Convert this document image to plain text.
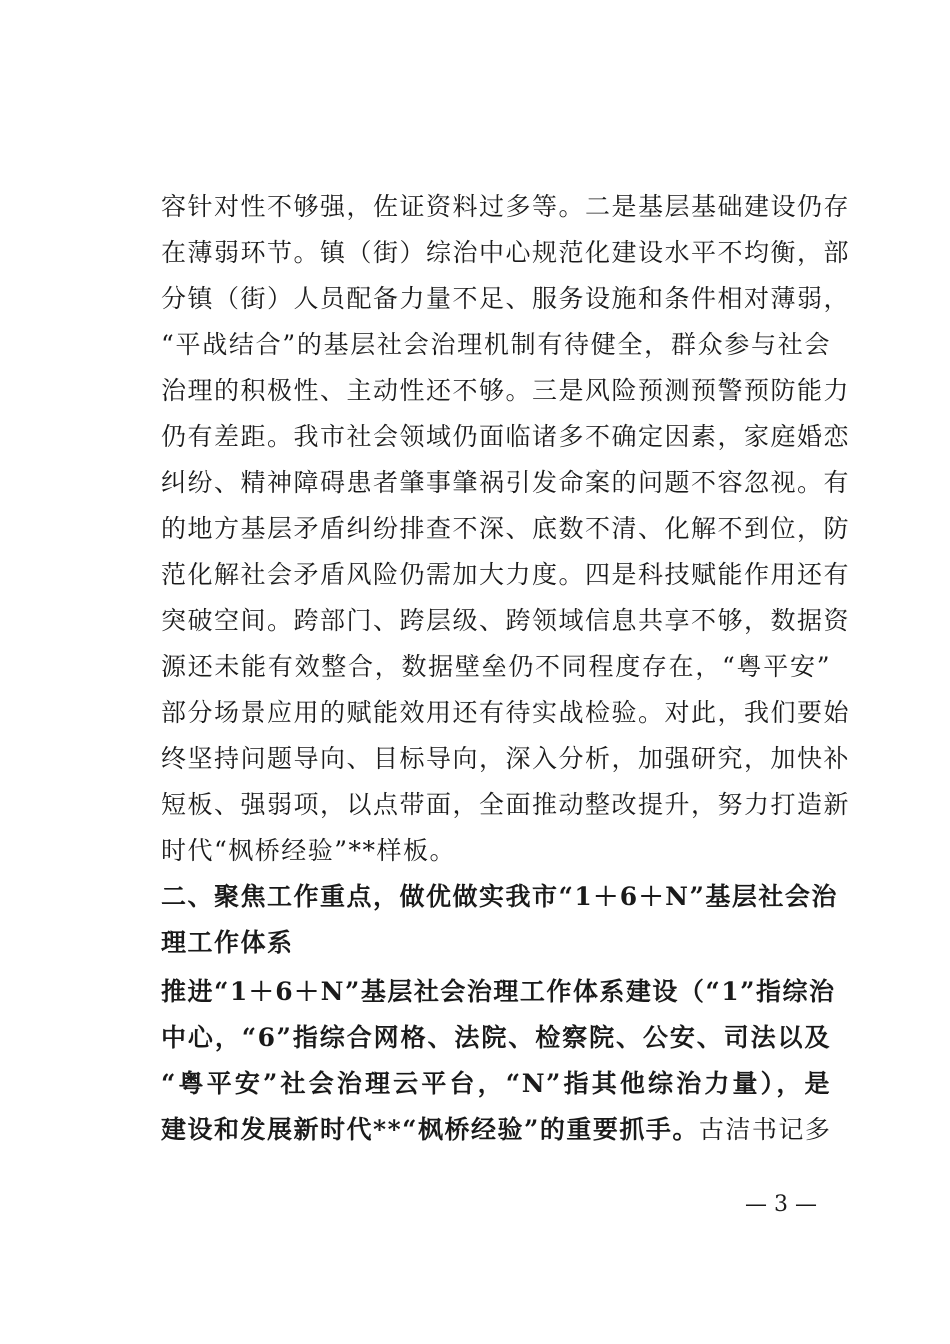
容针对性不够强，佐证资料过多等。二是基层基础建设仍存
在薄弱环节。镇（街）综治中心规范化建设水平不均衡，部
分镇（街）人员配备力量不足、服务设施和条件相对薄弱，
“平战结合”的基层社会治理机制有待健全，群众参与社会
治理的积极性、主动性还不够。三是风险预测预警预防能力
仍有差距。我市社会领域仍面临诸多不确定因素，家庭婚恋
纠纷、精神障碍患者肇事肇祸引发命案的问题不容忽视。有
的地方基层矛盾纠纷排查不深、底数不清、化解不到位，防
范化解社会矛盾风险仍需加大力度。四是科技赋能作用还有
突破空间。跨部门、跨层级、跨领域信息共享不够，数据资
源还未能有效整合，数据壁垒仍不同程度存在，“粤平安”
部分场景应用的赋能效用还有待实战检验。对此，我们要始
终坚持问题导向、目标导向，深入分析，加强研究，加快补
短板、强弱项，以点带面，全面推动整改提升，努力打造新
时代“枫桥经验”**样板。
二、聚焦工作重点，做优做实我市“1＋6＋N”基层社会治
理工作体系
推进“1＋6＋N”基层社会治理工作体系建设（“1”指综治
中心，“6”指综合网格、法院、检察院、公安、司法以及
“粤平安”社会治理云平台，“N”指其他综治力量），是
建设和发展新时代**“枫桥经验”的重要抓手。古洁书记多
— 3 —
